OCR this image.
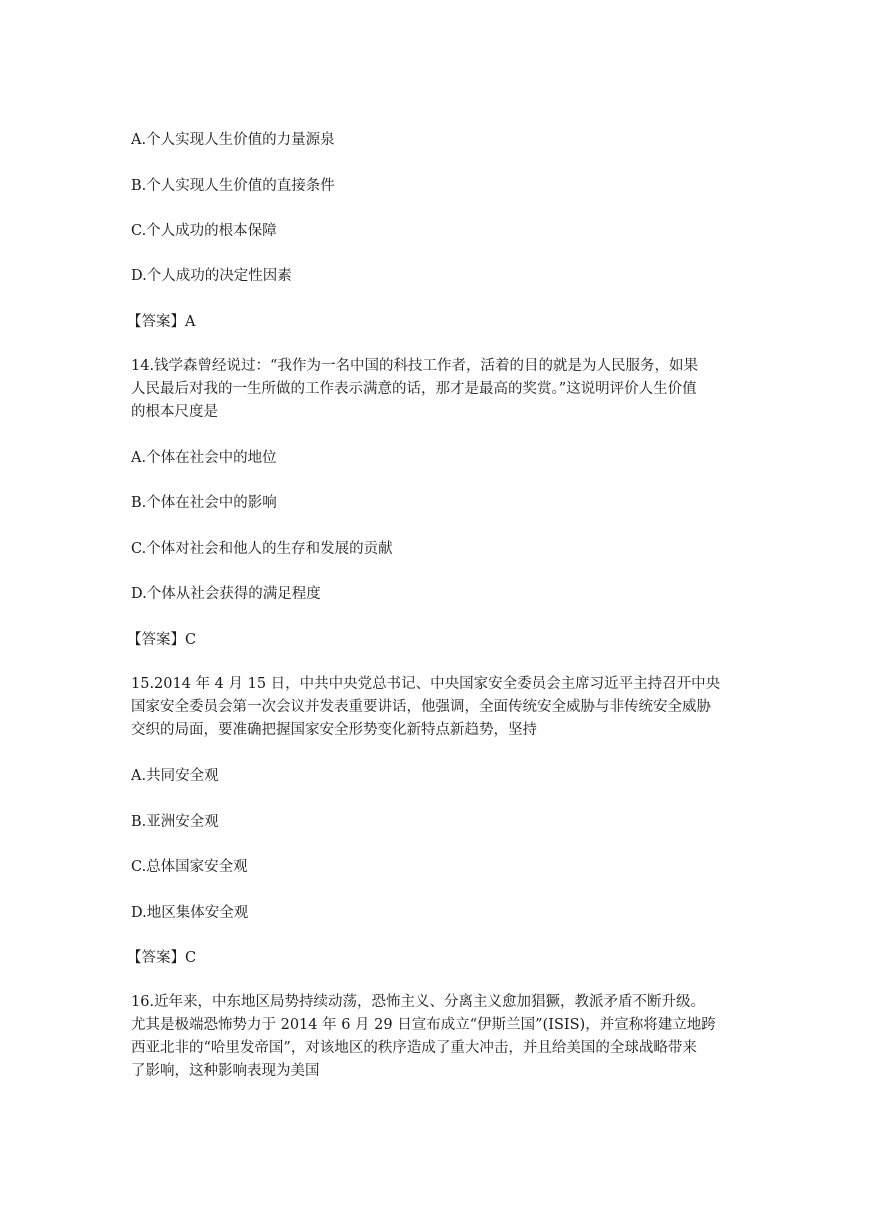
A.个人实现人生价值的力量源泉
B.个人实现人生价值的直接条件
C.个人成功的根本保障
D.个人成功的决定性因素
【答案】A
14.钱学森曾经说过：“我作为一名中国的科技工作者，活着的目的就是为人民服务，如果
人民最后对我的一生所做的工作表示满意的话，那才是最高的奖赏。”这说明评价人生价值
的根本尺度是
A.个体在社会中的地位
B.个体在社会中的影响
C.个体对社会和他人的生存和发展的贡献
D.个体从社会获得的满足程度
【答案】C
15.2014 年 4 月 15 日，中共中央党总书记、中央国家安全委员会主席习近平主持召开中央
国家安全委员会第一次会议并发表重要讲话，他强调，全面传统安全威胁与非传统安全威胁
交织的局面，要准确把握国家安全形势变化新特点新趋势，坚持
A.共同安全观
B.亚洲安全观
C.总体国家安全观
D.地区集体安全观
【答案】C
16.近年来，中东地区局势持续动荡，恐怖主义、分离主义愈加猖獗，教派矛盾不断升级。
尤其是极端恐怖势力于 2014 年 6 月 29 日宣布成立“伊斯兰国”(ISIS)，并宣称将建立地跨
西亚北非的“哈里发帝国”，对该地区的秩序造成了重大冲击，并且给美国的全球战略带来
了影响，这种影响表现为美国
